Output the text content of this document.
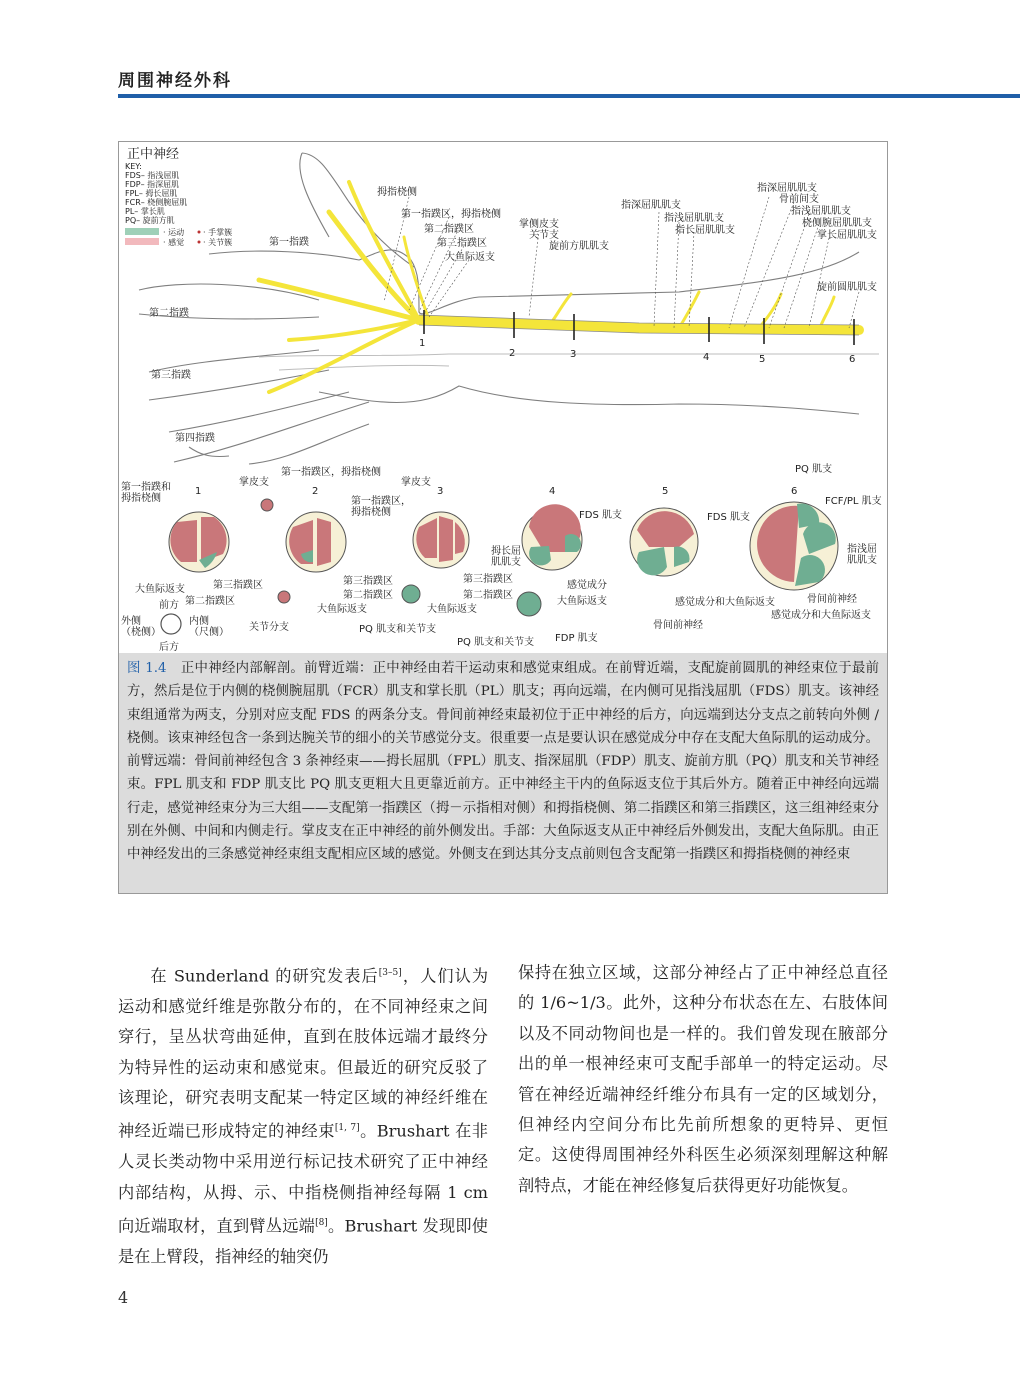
周围神经外科
正中神经
KEY:
FDS– 指浅屈肌
FDP– 指深屈肌
FPL– 拇长屈肌
FCR– 桡侧腕屈肌
PL– 掌长肌
PQ– 旋前方肌
· 运动
· 感觉
· 手掌簇
· 关节簇
1
2	3	4	5	6
拇指桡侧
第一指蹼区，拇指桡侧
第二指蹼区
第三指蹼区
大鱼际返支
掌侧皮支
关节支
旋前方肌肌支
指深屈肌肌支
指浅屈肌肌支
指长屈肌肌支
指深屈肌肌支
骨前间支
指浅屈肌肌支
桡侧腕屈肌肌支
掌长屈肌肌支
旋前圆肌肌支
第一指蹼
第二指蹼
第三指蹼
第四指蹼
前方
后方
外侧（桡侧）
内侧（尺侧）
第一指蹼和拇指桡侧
1
掌皮支
第一指蹼区，拇指桡侧
2
掌皮支
3
第一指蹼区，拇指桡侧
4	5	6
PQ 肌支
FCF/PL 肌支
指浅屈肌肌支
骨间前神经
感觉成分和大鱼际返支
FDS 肌支
感觉成分和大鱼际返支
骨间前神经
FDS 肌支
拇长屈肌肌支
感觉成分
大鱼际返支
FDP 肌支
PQ 肌支和关节支
第三指蹼区
第二指蹼区
大鱼际返支
第三指蹼区
第二指蹼区
大鱼际返支
PQ 肌支和关节支
关节分支
第三指蹼区
第二指蹼区
大鱼际返支
图 1.4 正中神经内部解剖。前臂近端：正中神经由若干运动束和感觉束组成。在前臂近端，支配旋前圆肌的神经束位于最前方，然后是位于内侧的桡侧腕屈肌（FCR）肌支和掌长肌（PL）肌支；再向远端，在内侧可见指浅屈肌（FDS）肌支。该神经束组通常为两支，分别对应支配 FDS 的两条分支。骨间前神经束最初位于正中神经的后方，向远端到达分支点之前转向外侧 / 桡侧。该束神经包含一条到达腕关节的细小的关节感觉分支。很重要一点是要认识在感觉成分中存在支配大鱼际肌的运动成分。前臂远端：骨间前神经包含 3 条神经束——拇长屈肌（FPL）肌支、指深屈肌（FDP）肌支、旋前方肌（PQ）肌支和关节神经束。FPL 肌支和 FDP 肌支比 PQ 肌支更粗大且更靠近前方。正中神经主干内的鱼际返支位于其后外方。随着正中神经向远端行走，感觉神经束分为三大组——支配第一指蹼区（拇－示指相对侧）和拇指桡侧、第二指蹼区和第三指蹼区，这三组神经束分别在外侧、中间和内侧走行。掌皮支在正中神经的前外侧发出。手部：大鱼际返支从正中神经后外侧发出，支配大鱼际肌。由正中神经发出的三条感觉神经束组支配相应区域的感觉。外侧支在到达其分支点前则包含支配第一指蹼区和拇指桡侧的神经束

在 Sunderland 的研究发表后[3–5]，人们认为运动和感觉纤维是弥散分布的，在不同神经束之间穿行，呈丛状弯曲延伸，直到在肢体远端才最终分为特异性的运动束和感觉束。但最近的研究反驳了该理论，研究表明支配某一特定区域的神经纤维在神经近端已形成特定的神经束[1, 7]。Brushart 在非人灵长类动物中采用逆行标记技术研究了正中神经内部结构，从拇、示、中指桡侧指神经每隔 1 cm 向近端取材，直到臂丛远端[8]。Brushart 发现即使是在上臂段，指神经的轴突仍

保持在独立区域，这部分神经占了正中神经总直径的 1/6~1/3。此外，这种分布状态在左、右肢体间以及不同动物间也是一样的。我们曾发现在腋部分出的单一根神经束可支配手部单一的特定运动。尽管在神经近端神经纤维分布具有一定的区域划分，但神经内空间分布比先前所想象的更特异、更恒定。这使得周围神经外科医生必须深刻理解这种解剖特点，才能在神经修复后获得更好功能恢复。

4
